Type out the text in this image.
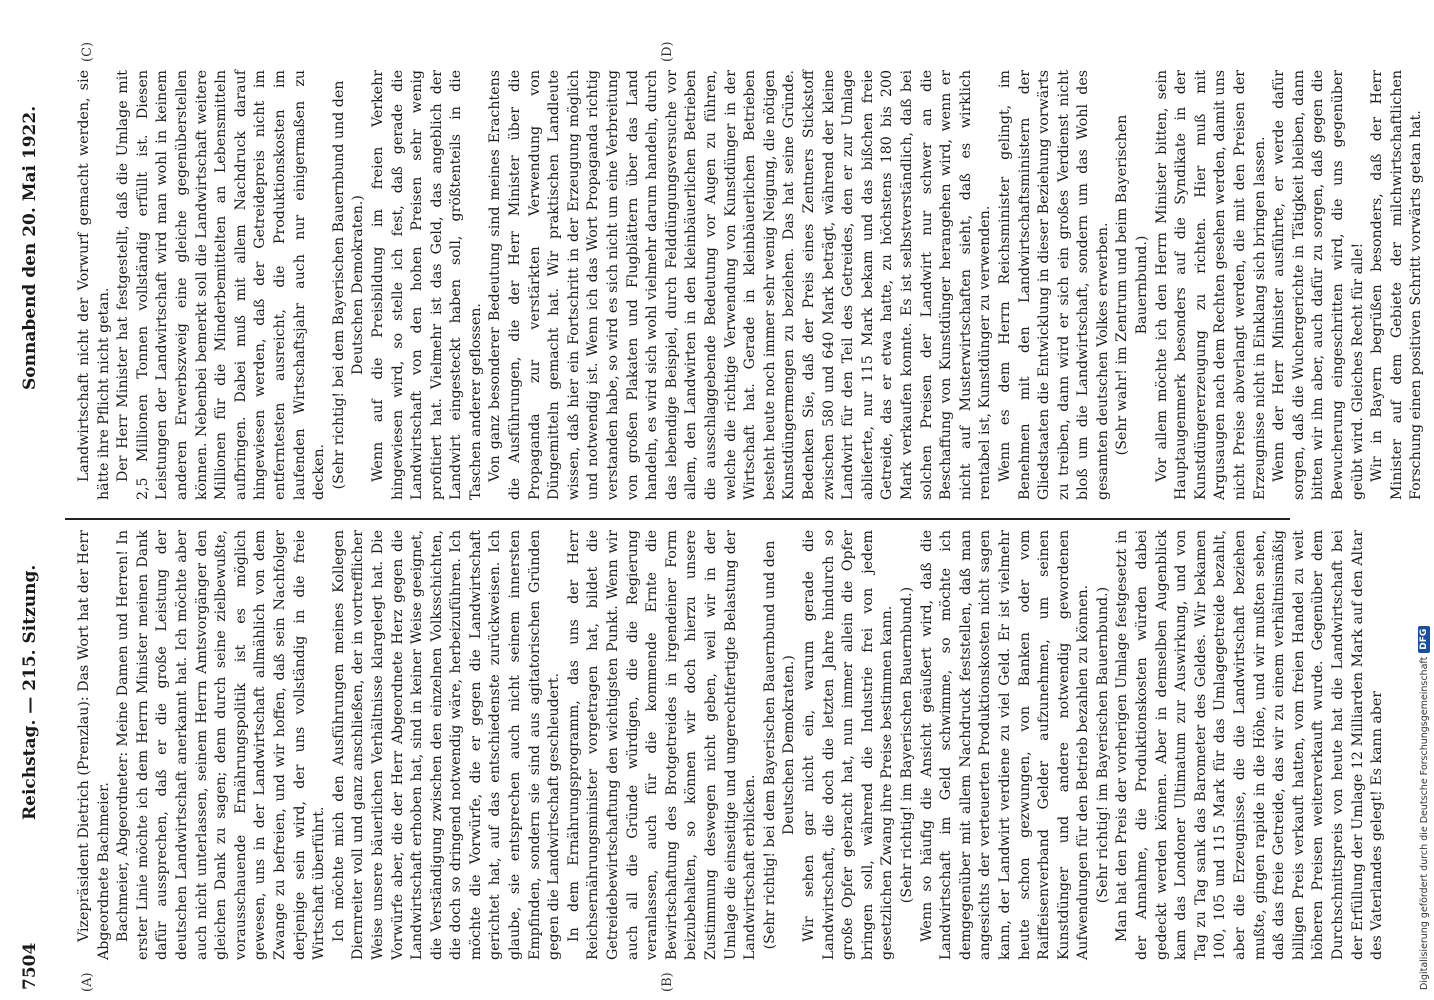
7504
Reichstag. — 215. Sitzung.
Sonnabend den 20. Mai 1922.
(A)	(B)
(C)	(D)

Vizepräsident Dietrich (Prenzlau): Das Wort hat der Herr Abgeordnete Bachmeier. Bachmeier, Abgeordneter: Meine Damen und Herren! In erster Linie möchte ich dem Herrn Minister meinen Dank dafür aussprechen, daß er die große Leistung der deutschen Landwirtschaft anerkannt hat. Ich möchte aber auch nicht unterlassen, seinem Herrn Amtsvorgänger den gleichen Dank zu sagen; denn durch seine zielbewußte, vorausschauende Ernährungspolitik ist es möglich gewesen, uns in der Landwirtschaft allmählich von dem Zwange zu befreien, und wir hoffen, daß sein Nachfolger derjenige sein wird, der uns vollständig in die freie Wirtschaft überführt. Ich möchte mich den Ausführungen meines Kollegen Diernreiter voll und ganz anschließen, der in vortrefflicher Weise unsere bäuerlichen Verhältnisse klargelegt hat. Die Vorwürfe aber, die der Herr Abgeordnete Herz gegen die Landwirtschaft erhoben hat, sind in keiner Weise geeignet, die Verständigung zwischen den einzelnen Volksschichten, die doch so dringend notwendig wäre, herbeizuführen. Ich möchte die Vorwürfe, die er gegen die Landwirtschaft gerichtet hat, auf das entschiedenste zurückweisen. Ich glaube, sie entsprechen auch nicht seinem innersten Empfinden, sondern sie sind aus agitatorischen Gründen gegen die Landwirtschaft geschleudert. In dem Ernährungsprogramm, das uns der Herr Reichsernährungsminister vorgetragen hat, bildet die Getreidebewirtschaftung den wichtigsten Punkt. Wenn wir auch all die Gründe würdigen, die die Regierung veranlassen, auch für die kommende Ernte die Bewirtschaftung des Brotgetreides in irgendeiner Form beizubehalten, so können wir doch hierzu unsere Zustimmung deswegen nicht geben, weil wir in der Umlage die einseitige und ungerechtfertigte Belastung der Landwirtschaft erblicken. (Sehr richtig! bei dem Bayerischen Bauernbund und den Deutschen Demokraten.) Wir sehen gar nicht ein, warum gerade die Landwirtschaft, die doch die letzten Jahre hindurch so große Opfer gebracht hat, nun immer allein die Opfer bringen soll, während die Industrie frei von jedem gesetzlichen Zwang ihre Preise bestimmen kann. (Sehr richtig! im Bayerischen Bauernbund.) Wenn so häufig die Ansicht geäußert wird, daß die Landwirtschaft im Geld schwimme, so möchte ich demgegenüber mit allem Nachdruck feststellen, daß man angesichts der verteuerten Produktionskosten nicht sagen kann, der Landwirt verdiene zu viel Geld. Er ist vielmehr heute schon gezwungen, von Banken oder vom Raiffeisenverband Gelder aufzunehmen, um seinen Kunstdünger und andere notwendig gewordenen Aufwendungen für den Betrieb bezahlen zu können. (Sehr richtig! im Bayerischen Bauernbund.) Man hat den Preis der vorherigen Umlage festgesetzt in der Annahme, die Produktionskosten würden dabei gedeckt werden können. Aber in demselben Augenblick kam das Londoner Ultimatum zur Auswirkung, und von Tag zu Tag sank das Barometer des Geldes. Wir bekamen 100, 105 und 115 Mark für das Umlagegetreide bezahlt, aber die Erzeugnisse, die die Landwirtschaft beziehen mußte, gingen rapide in die Höhe, und wir mußten sehen, daß das freie Getreide, das wir zu einem verhältnismäßig billigen Preis verkauft hatten, vom freien Handel zu weit höheren Preisen weiterverkauft wurde. Gegenüber dem Durchschnittspreis von heute hat die Landwirtschaft bei der Erfüllung der Umlage 12 Milliarden Mark auf den Altar des Vaterlandes gelegt! Es kann aber

Landwirtschaft nicht der Vorwurf gemacht werden, sie hätte ihre Pflicht nicht getan. Der Herr Minister hat festgestellt, daß die Umlage mit 2,5 Millionen Tonnen vollständig erfüllt ist. Diesen Leistungen der Landwirtschaft wird man wohl in keinem anderen Erwerbszweig eine gleiche gegenüberstellen können. Nebenbei bemerkt soll die Landwirtschaft weitere Millionen für die Minderbemittelten an Lebensmitteln aufbringen. Dabei muß mit allem Nachdruck darauf hingewiesen werden, daß der Getreidepreis nicht im entferntesten ausreicht, die Produktionskosten im laufenden Wirtschaftsjahr auch nur einigermaßen zu decken. (Sehr richtig! bei dem Bayerischen Bauernbund und den Deutschen Demokraten.) Wenn auf die Preisbildung im freien Verkehr hingewiesen wird, so stelle ich fest, daß gerade die Landwirtschaft von den hohen Preisen sehr wenig profitiert hat. Vielmehr ist das Geld, das angeblich der Landwirt eingesteckt haben soll, größtenteils in die Taschen anderer geflossen. Von ganz besonderer Bedeutung sind meines Erachtens die Ausführungen, die der Herr Minister über die Propaganda zur verstärkten Verwendung von Düngemitteln gemacht hat. Wir praktischen Landleute wissen, daß hier ein Fortschritt in der Erzeugung möglich und notwendig ist. Wenn ich das Wort Propaganda richtig verstanden habe, so wird es sich nicht um eine Verbreitung von großen Plakaten und Flugblättern über das Land handeln, es wird sich wohl vielmehr darum handeln, durch das lebendige Beispiel, durch Felddüngungsversuche vor allem, den Landwirten in den kleinbäuerlichen Betrieben die ausschlaggebende Bedeutung vor Augen zu führen, welche die richtige Verwendung von Kunstdünger in der Wirtschaft hat. Gerade in kleinbäuerlichen Betrieben besteht heute noch immer sehr wenig Neigung, die nötigen Kunstdüngermengen zu beziehen. Das hat seine Gründe. Bedenken Sie, daß der Preis eines Zentners Stickstoff zwischen 580 und 640 Mark beträgt, während der kleine Landwirt für den Teil des Getreides, den er zur Umlage ablieferte, nur 115 Mark bekam und das bißchen freie Getreide, das er etwa hatte, zu höchstens 180 bis 200 Mark verkaufen konnte. Es ist selbstverständlich, daß bei solchen Preisen der Landwirt nur schwer an die Beschaffung von Kunstdünger herangehen wird, wenn er nicht auf Musterwirtschaften sieht, daß es wirklich rentabel ist, Kunstdünger zu verwenden. Wenn es dem Herrn Reichsminister gelingt, im Benehmen mit den Landwirtschaftsministern der Gliedstaaten die Entwicklung in dieser Beziehung vorwärts zu treiben, dann wird er sich ein großes Verdienst nicht bloß um die Landwirtschaft, sondern um das Wohl des gesamten deutschen Volkes erwerben. (Sehr wahr! im Zentrum und beim Bayerischen Bauernbund.) Vor allem möchte ich den Herrn Minister bitten, sein Hauptaugenmerk besonders auf die Syndikate in der Kunstdüngererzeugung zu richten. Hier muß mit Argusaugen nach dem Rechten gesehen werden, damit uns nicht Preise abverlangt werden, die mit den Preisen der Erzeugnisse nicht in Einklang sich bringen lassen. Wenn der Herr Minister ausführte, er werde dafür sorgen, daß die Wuchergerichte in Tätigkeit bleiben, dann bitten wir ihn aber, auch dafür zu sorgen, daß gegen die Bewucherung eingeschritten wird, die uns gegenüber geübt wird. Gleiches Recht für alle! Wir in Bayern begrüßen besonders, daß der Herr Minister auf dem Gebiete der milchwirtschaftlichen Forschung einen positiven Schritt vorwärts getan hat.

Digitalisierung gefördert durch die Deutsche Forschungsgemeinschaft
DFG
